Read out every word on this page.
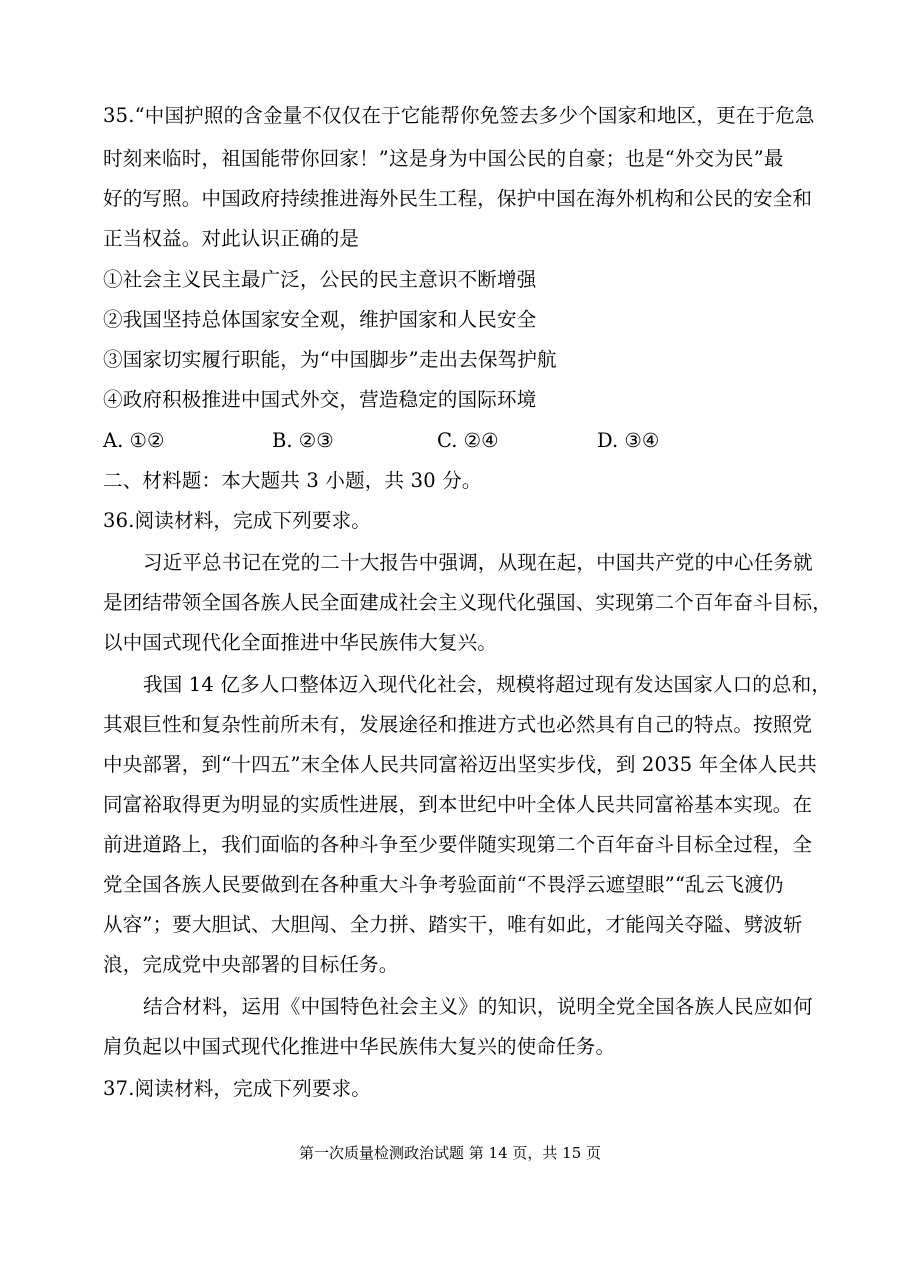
35.“中国护照的含金量不仅仅在于它能帮你免签去多少个国家和地区，更在于危急
时刻来临时，祖国能带你回家！”这是身为中国公民的自豪；也是“外交为民”最
好的写照。中国政府持续推进海外民生工程，保护中国在海外机构和公民的安全和
正当权益。对此认识正确的是
①社会主义民主最广泛，公民的民主意识不断增强
②我国坚持总体国家安全观，维护国家和人民安全
③国家切实履行职能，为“中国脚步”走出去保驾护航
④政府积极推进中国式外交，营造稳定的国际环境
A. ①②	B. ②③	C. ②④	D. ③④
二、材料题：本大题共 3 小题，共 30 分。
36.阅读材料，完成下列要求。
习近平总书记在党的二十大报告中强调，从现在起，中国共产党的中心任务就
是团结带领全国各族人民全面建成社会主义现代化强国、实现第二个百年奋斗目标，
以中国式现代化全面推进中华民族伟大复兴。
我国 14 亿多人口整体迈入现代化社会，规模将超过现有发达国家人口的总和，
其艰巨性和复杂性前所未有，发展途径和推进方式也必然具有自己的特点。按照党
中央部署，到“十四五”末全体人民共同富裕迈出坚实步伐，到 2035 年全体人民共
同富裕取得更为明显的实质性进展，到本世纪中叶全体人民共同富裕基本实现。在
前进道路上，我们面临的各种斗争至少要伴随实现第二个百年奋斗目标全过程，全
党全国各族人民要做到在各种重大斗争考验面前“不畏浮云遮望眼”“乱云飞渡仍
从容”；要大胆试、大胆闯、全力拼、踏实干，唯有如此，才能闯关夺隘、劈波斩
浪，完成党中央部署的目标任务。
结合材料，运用《中国特色社会主义》的知识，说明全党全国各族人民应如何
肩负起以中国式现代化推进中华民族伟大复兴的使命任务。
37.阅读材料，完成下列要求。
第一次质量检测政治试题 第 14 页，共 15 页
